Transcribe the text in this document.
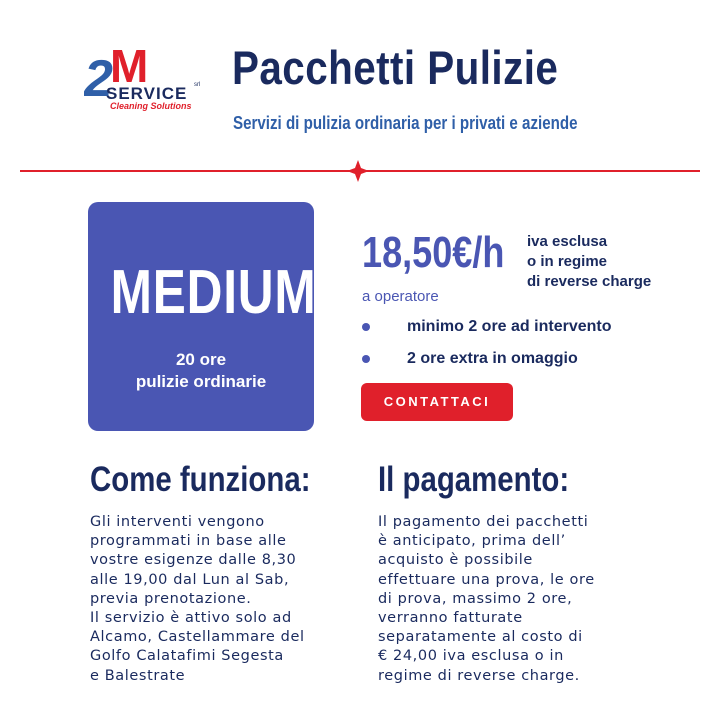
2
M
SERVICE srl
Cleaning Solutions
Pacchetti Pulizie
Servizi di pulizia ordinaria per i privati e aziende
MEDIUM
20 ore
pulizie ordinarie
18,50€/h iva esclusa
o in regime
di reverse charge
a operatore
minimo 2 ore ad intervento
2 ore extra in omaggio
CONTATTACI
Come funziona:
Gli interventi vengono
programmati in base alle
vostre esigenze dalle 8,30
alle 19,00 dal Lun al Sab,
previa prenotazione.
Il servizio è attivo solo ad
Alcamo, Castellammare del
Golfo Calatafimi Segesta
e Balestrate
Il pagamento:
Il pagamento dei pacchetti
è anticipato, prima dell’
acquisto è possibile
effettuare una prova, le ore
di prova, massimo 2 ore,
verranno fatturate
separatamente al costo di
€ 24,00 iva esclusa o in
regime di reverse charge.
